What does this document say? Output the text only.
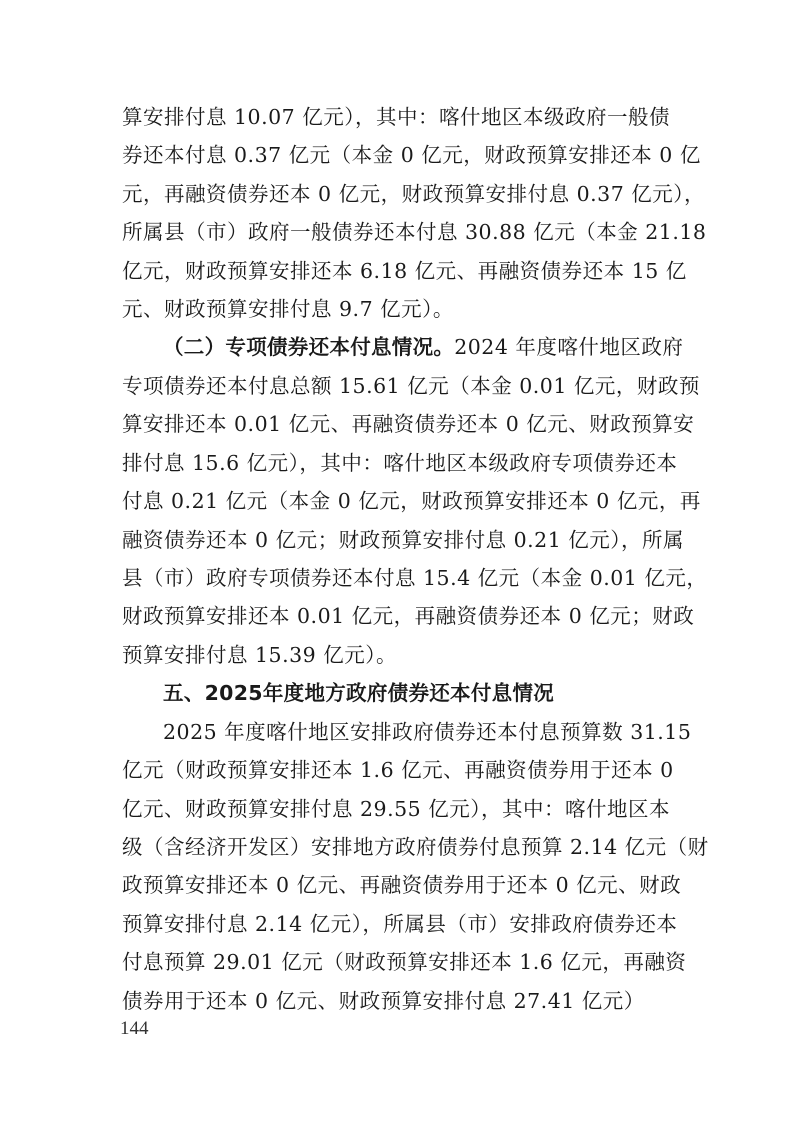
算安排付息 10.07 亿元），其中：喀什地区本级政府一般债
券还本付息 0.37 亿元（本金 0 亿元，财政预算安排还本 0 亿
元，再融资债券还本 0 亿元，财政预算安排付息 0.37 亿元），
所属县（市）政府一般债券还本付息 30.88 亿元（本金 21.18
亿元，财政预算安排还本 6.18 亿元、再融资债券还本 15 亿
元、财政预算安排付息 9.7 亿元）。
（二）专项债券还本付息情况。2024 年度喀什地区政府
专项债券还本付息总额 15.61 亿元（本金 0.01 亿元，财政预
算安排还本 0.01 亿元、再融资债券还本 0 亿元、财政预算安
排付息 15.6 亿元），其中：喀什地区本级政府专项债券还本
付息 0.21 亿元（本金 0 亿元，财政预算安排还本 0 亿元，再
融资债券还本 0 亿元；财政预算安排付息 0.21 亿元），所属
县（市）政府专项债券还本付息 15.4 亿元（本金 0.01 亿元，
财政预算安排还本 0.01 亿元，再融资债券还本 0 亿元；财政
预算安排付息 15.39 亿元）。
五、2025年度地方政府债券还本付息情况
2025 年度喀什地区安排政府债券还本付息预算数 31.15
亿元（财政预算安排还本 1.6 亿元、再融资债券用于还本 0
亿元、财政预算安排付息 29.55 亿元），其中：喀什地区本
级（含经济开发区）安排地方政府债券付息预算 2.14 亿元（财
政预算安排还本 0 亿元、再融资债券用于还本 0 亿元、财政
预算安排付息 2.14 亿元），所属县（市）安排政府债券还本
付息预算 29.01 亿元（财政预算安排还本 1.6 亿元，再融资
债券用于还本 0 亿元、财政预算安排付息 27.41 亿元）
144
